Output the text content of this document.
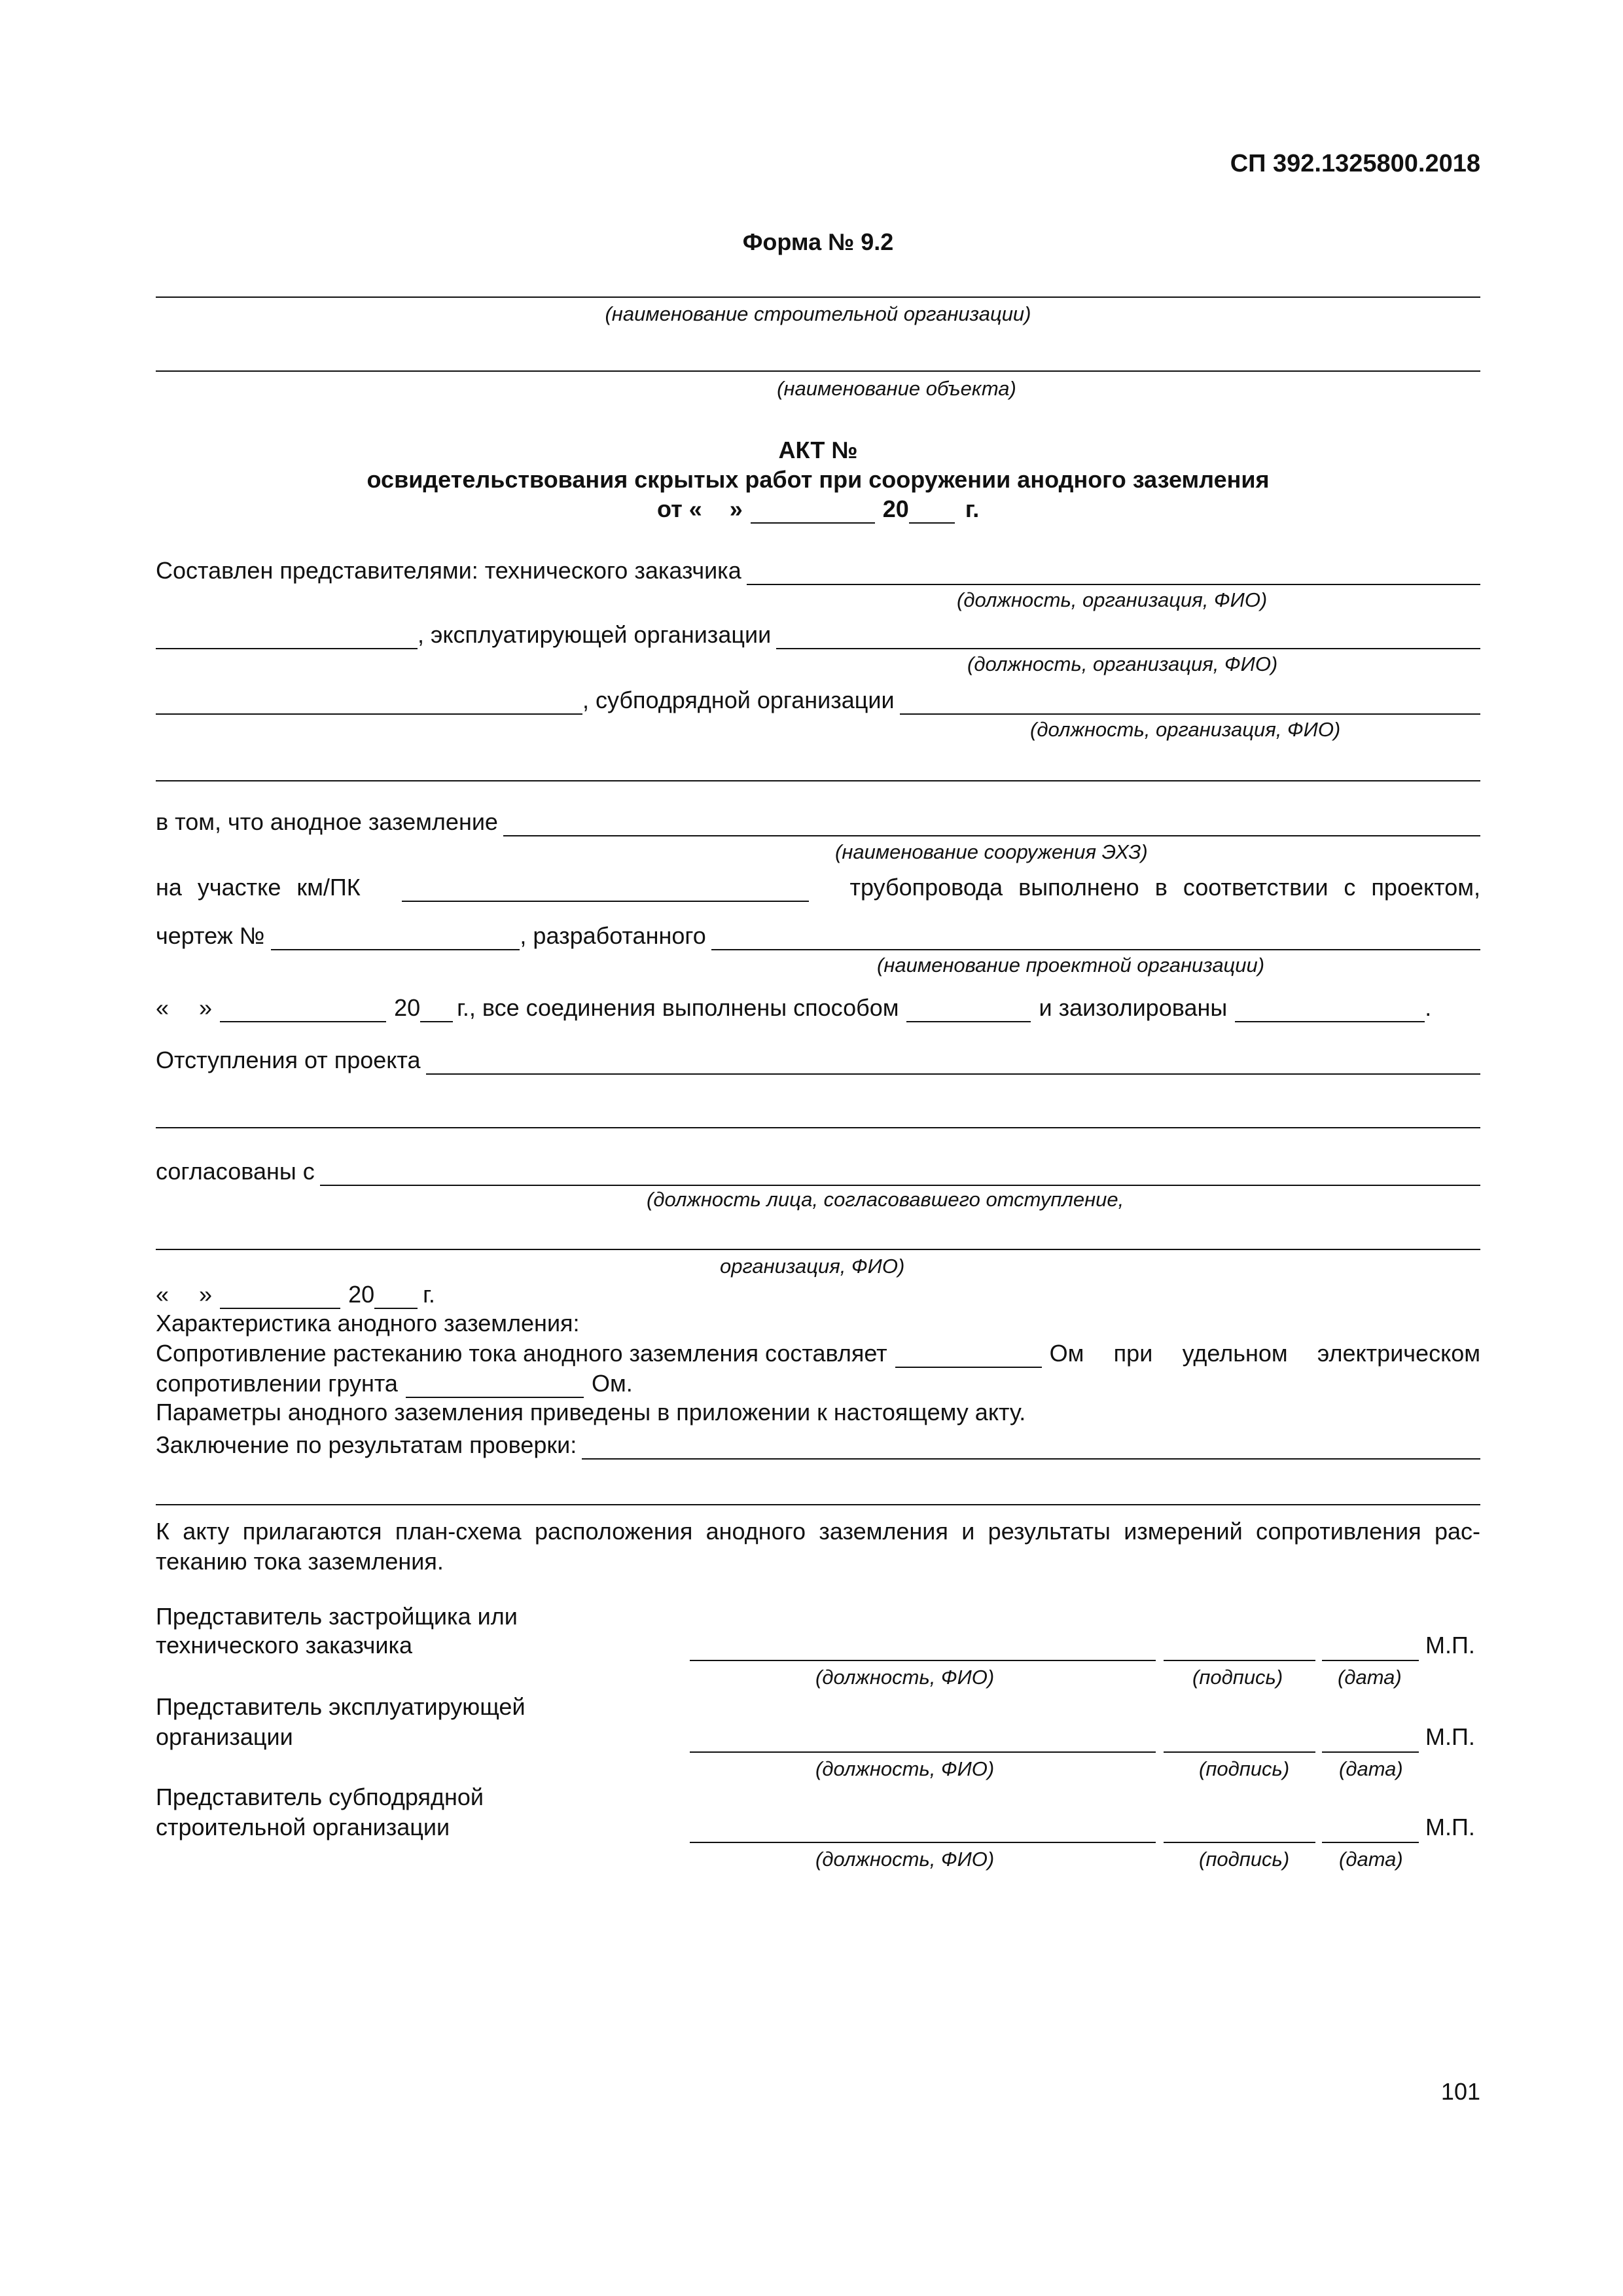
СП 392.1325800.2018
Форма № 9.2
(наименование строительной организации)
(наименование объекта)
АКТ №
освидетельствования скрытых работ при сооружении анодного заземления
от « »	20 г.
Составлен представителями: технического заказчика
(должность, организация, ФИО)
, эксплуатирующей организации
(должность, организация, ФИО)
, субподрядной организации
(должность, организация, ФИО)
в том, что анодное заземление
(наименование сооружения ЭХЗ)
на участке км/ПК	трубопровода выполнено в соответствии с проектом,
чертеж №	, разработанного
(наименование проектной организации)
« »	20 г., все соединения выполнены способом	и заизолированы	.
Отступления от проекта
согласованы с
(должность лица, согласовавшего отступление,
организация, ФИО)
« »	20 г.
Характеристика анодного заземления:
Сопротивление растеканию тока анодного заземления составляет	Ом при удельном электрическом
сопротивлении грунта	Ом.
Параметры анодного заземления приведены в приложении к настоящему акту.
Заключение по результатам проверки:
К акту прилагаются план-схема расположения анодного заземления и результаты измерений сопротивления рас-
теканию тока заземления.
Представитель застройщика или
технического заказчика	М.П.
(должность, ФИО)	(подпись)	(дата)
Представитель эксплуатирующей
организации	М.П.
(должность, ФИО)	(подпись) (дата)
Представитель субподрядной
строительной организации	М.П.
(должность, ФИО)	(подпись) (дата)
101
